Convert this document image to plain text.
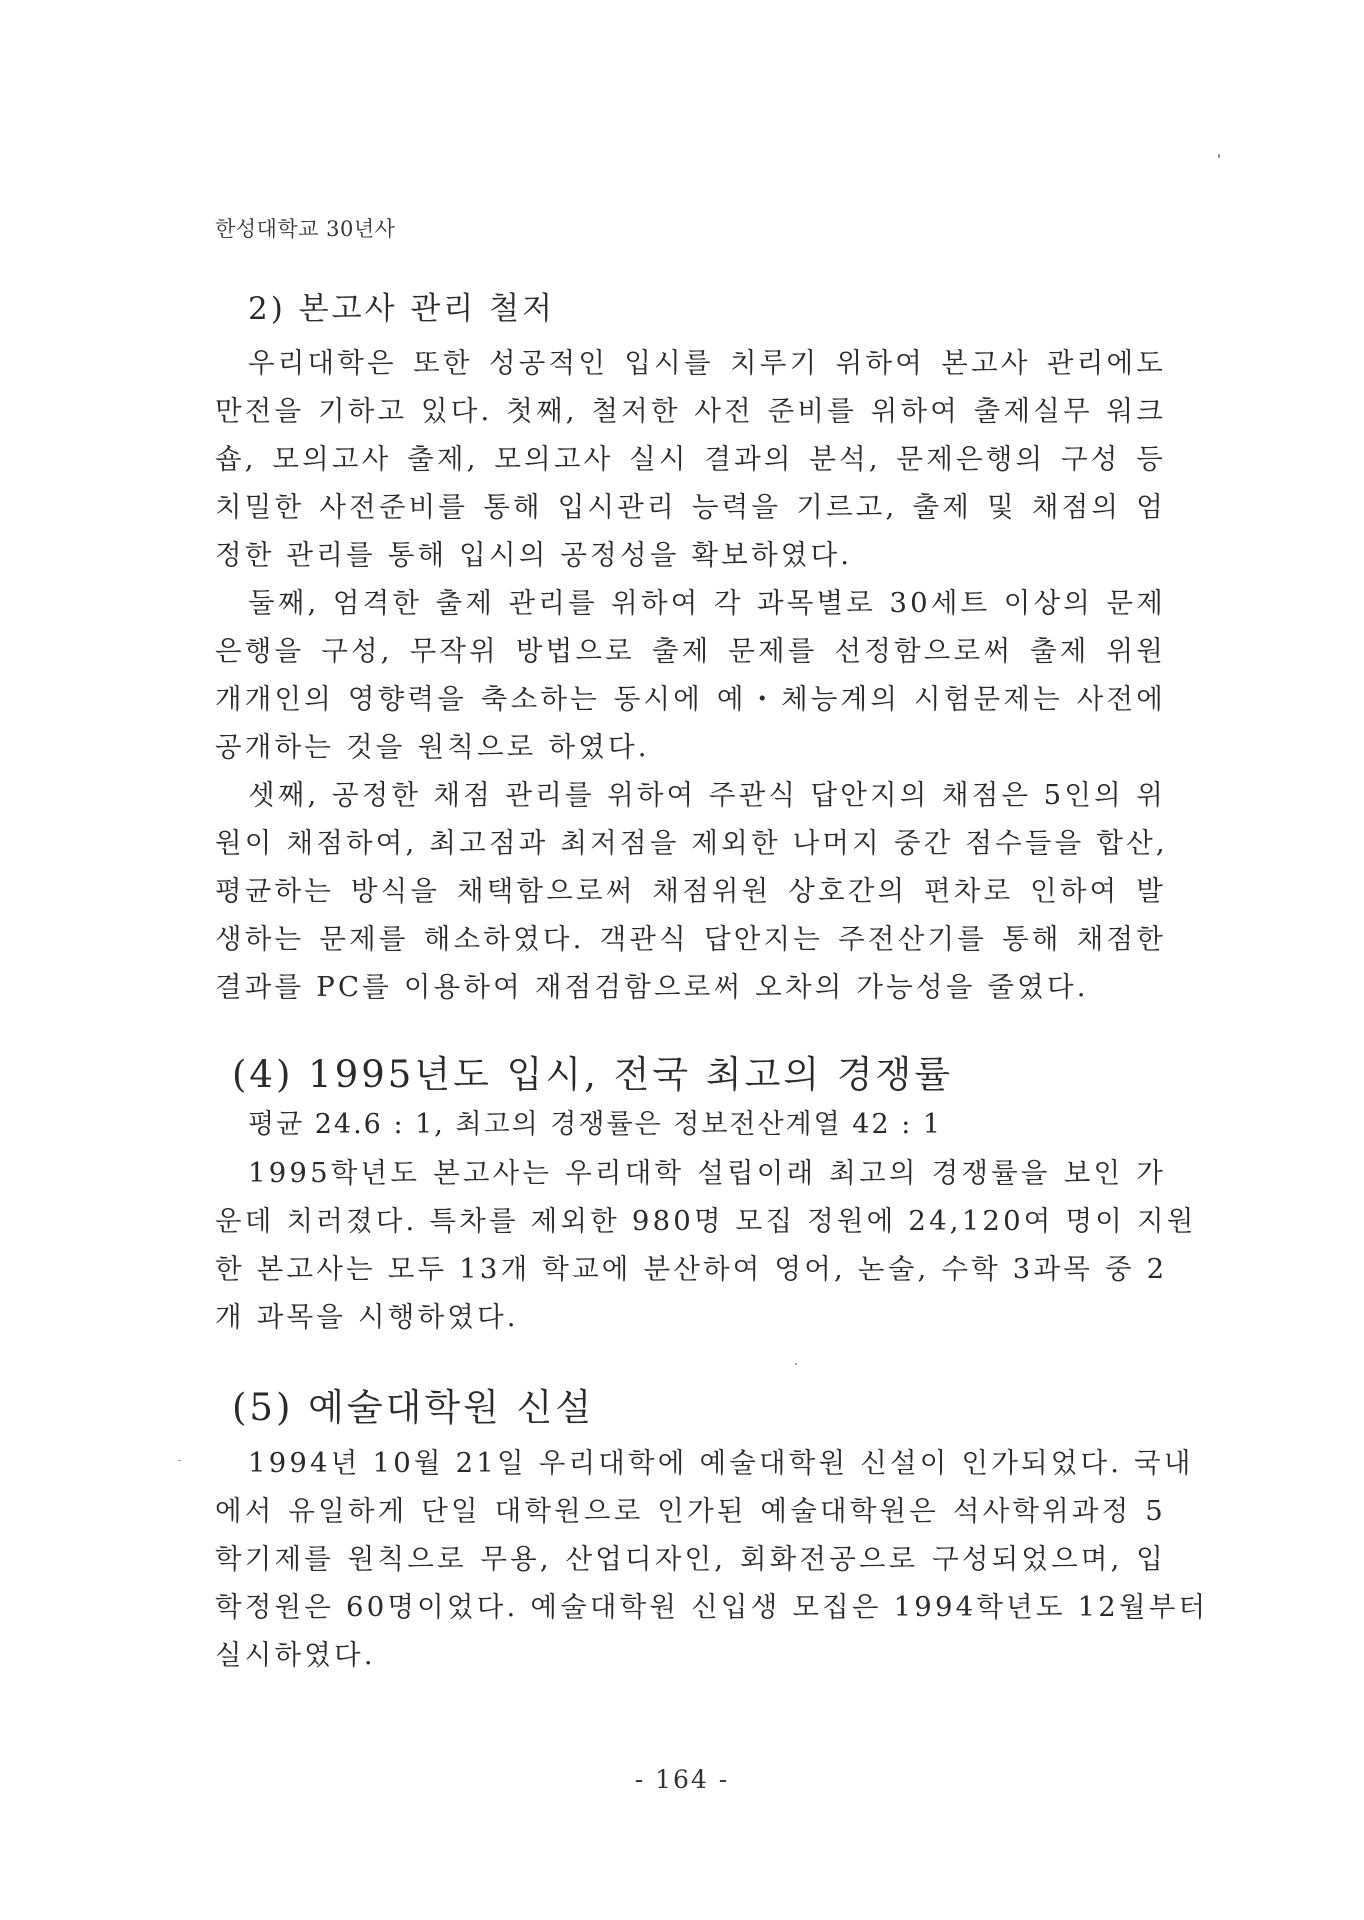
한성대학교 30년사
2) 본고사 관리 철저
우리대학은 또한 성공적인 입시를 치루기 위하여 본고사 관리에도
만전을 기하고 있다. 첫째, 철저한 사전 준비를 위하여 출제실무 워크
숍, 모의고사 출제, 모의고사 실시 결과의 분석, 문제은행의 구성 등
치밀한 사전준비를 통해 입시관리 능력을 기르고, 출제 및 채점의 엄
정한 관리를 통해 입시의 공정성을 확보하였다.
둘째, 엄격한 출제 관리를 위하여 각 과목별로 30세트 이상의 문제
은행을 구성, 무작위 방법으로 출제 문제를 선정함으로써 출제 위원
개개인의 영향력을 축소하는 동시에 예・체능계의 시험문제는 사전에
공개하는 것을 원칙으로 하였다.
셋째, 공정한 채점 관리를 위하여 주관식 답안지의 채점은 5인의 위
원이 채점하여, 최고점과 최저점을 제외한 나머지 중간 점수들을 합산,
평균하는 방식을 채택함으로써 채점위원 상호간의 편차로 인하여 발
생하는 문제를 해소하였다. 객관식 답안지는 주전산기를 통해 채점한
결과를 PC를 이용하여 재점검함으로써 오차의 가능성을 줄였다.
(4) 1995년도 입시, 전국 최고의 경쟁률
평균 24.6 : 1, 최고의 경쟁률은 정보전산계열 42 : 1
1995학년도 본고사는 우리대학 설립이래 최고의 경쟁률을 보인 가
운데 치러졌다. 특차를 제외한 980명 모집 정원에 24,120여 명이 지원
한 본고사는 모두 13개 학교에 분산하여 영어, 논술, 수학 3과목 중 2
개 과목을 시행하였다.
(5) 예술대학원 신설
1994년 10월 21일 우리대학에 예술대학원 신설이 인가되었다. 국내
에서 유일하게 단일 대학원으로 인가된 예술대학원은 석사학위과정 5
학기제를 원칙으로 무용, 산업디자인, 회화전공으로 구성되었으며, 입
학정원은 60명이었다. 예술대학원 신입생 모집은 1994학년도 12월부터
실시하였다.
- 164 -
